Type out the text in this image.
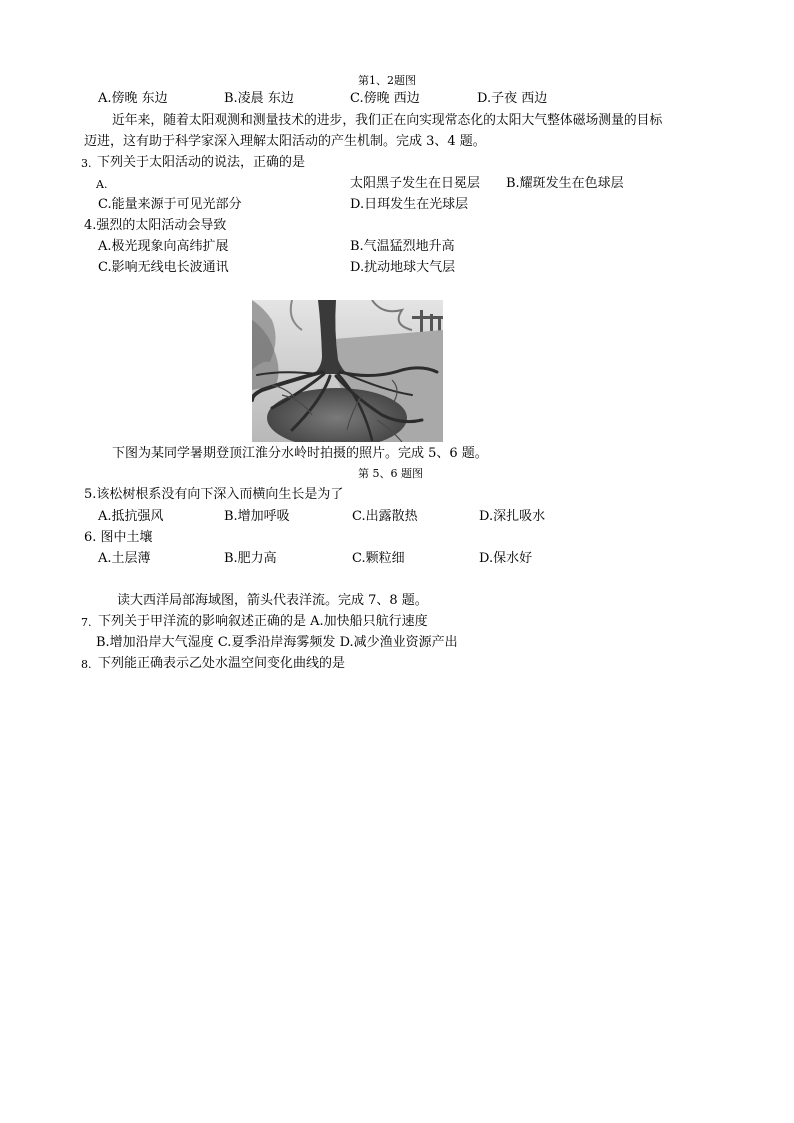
第1、2题图
A.傍晚 东边	B.凌晨 东边	C.傍晚 西边	D.子夜 西边
近年来，随着太阳观测和测量技术的进步，我们正在向实现常态化的太阳大气整体磁场测量的目标
迈进，这有助于科学家深入理解太阳活动的产生机制。完成 3、4 题。
3. 下列关于太阳活动的说法，正确的是
A.	太阳黑子发生在日冕层 B.耀斑发生在色球层
C.能量来源于可见光部分	D.日珥发生在光球层
4.强烈的太阳活动会导致
A.极光现象向高纬扩展	B.气温猛烈地升高
C.影响无线电长波通讯	D.扰动地球大气层
下图为某同学暑期登顶江淮分水岭时拍摄的照片。完成 5、6 题。
第 5、6 题图
5.该松树根系没有向下深入而横向生长是为了
A.抵抗强风	B.增加呼吸	C.出露散热	D.深扎吸水
6. 图中土壤
A.土层薄	B.肥力高	C.颗粒细	D.保水好
读大西洋局部海域图，箭头代表洋流。完成 7、8 题。
7. 下列关于甲洋流的影响叙述正确的是 A.加快船只航行速度
B.增加沿岸大气湿度 C.夏季沿岸海雾频发 D.减少渔业资源产出
8. 下列能正确表示乙处水温空间变化曲线的是
